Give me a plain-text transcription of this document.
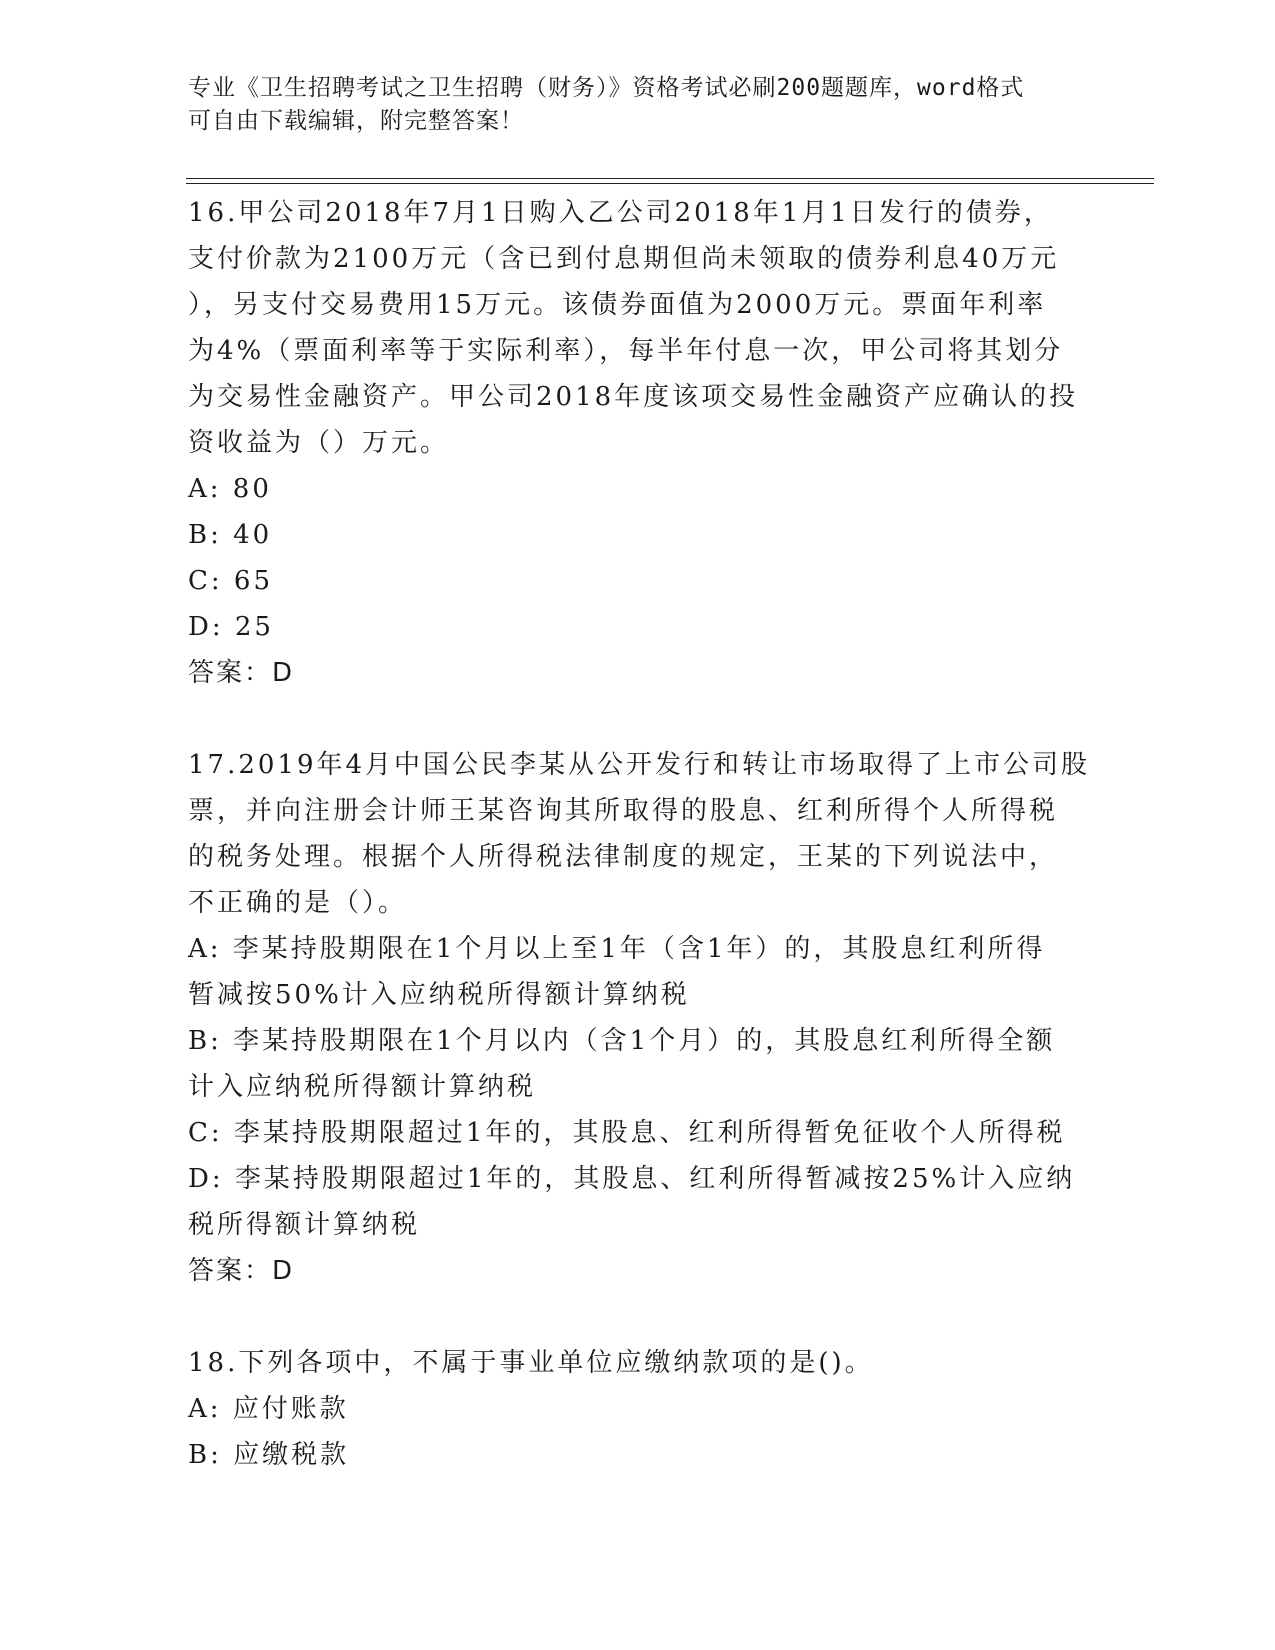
专业《卫生招聘考试之卫生招聘（财务）》资格考试必刷200题题库，word格式
可自由下载编辑，附完整答案！
16.甲公司2018年7月1日购入乙公司2018年1月1日发行的债券，
支付价款为2100万元（含已到付息期但尚未领取的债券利息40万元
），另支付交易费用15万元。该债券面值为2000万元。票面年利率
为4%（票面利率等于实际利率），每半年付息一次，甲公司将其划分
为交易性金融资产。甲公司2018年度该项交易性金融资产应确认的投
资收益为（）万元。
A: 80
B: 40
C: 65
D: 25
答案：D
17.2019年4月中国公民李某从公开发行和转让市场取得了上市公司股
票，并向注册会计师王某咨询其所取得的股息、红利所得个人所得税
的税务处理。根据个人所得税法律制度的规定，王某的下列说法中，
不正确的是（）。
A: 李某持股期限在1个月以上至1年（含1年）的，其股息红利所得
暂减按50%计入应纳税所得额计算纳税
B: 李某持股期限在1个月以内（含1个月）的，其股息红利所得全额
计入应纳税所得额计算纳税
C: 李某持股期限超过1年的，其股息、红利所得暂免征收个人所得税
D: 李某持股期限超过1年的，其股息、红利所得暂减按25%计入应纳
税所得额计算纳税
答案：D
18.下列各项中，不属于事业单位应缴纳款项的是()。
A: 应付账款
B: 应缴税款
